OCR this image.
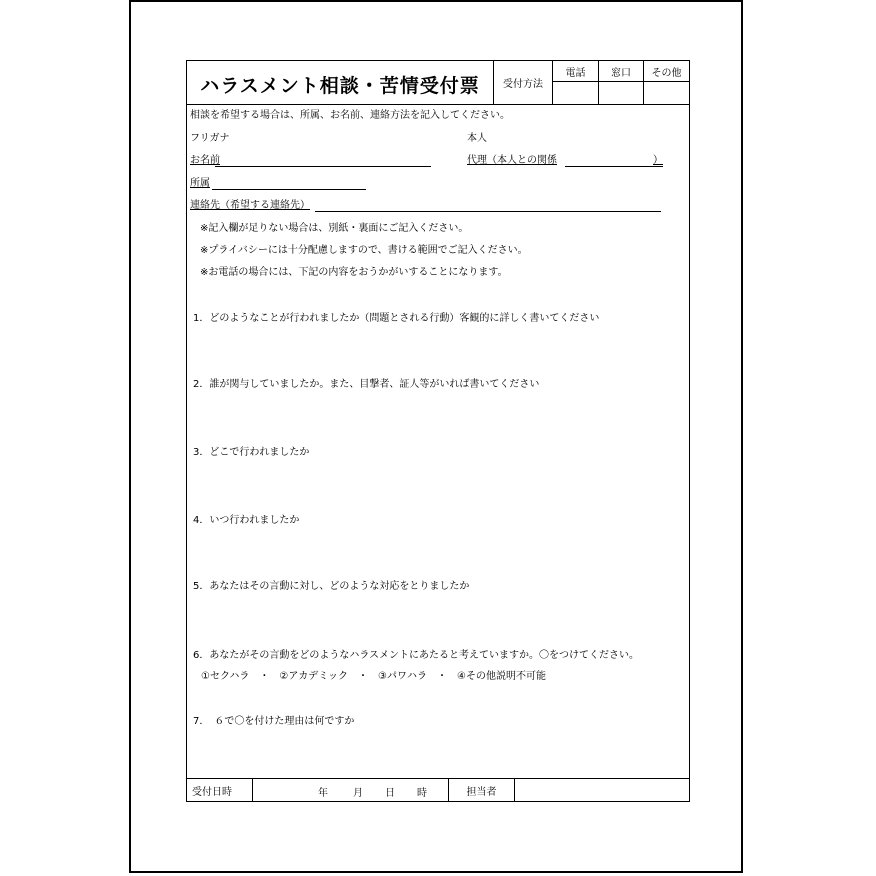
ハラスメント相談・苦情受付票	受付方法
電話	窓口	その他
相談を希望する場合は、所属、お名前、連絡方法を記入してください。
フリガナ	本人
お名前	代理（本人との関係	）
所属
連絡先（希望する連絡先）
※記入欄が足りない場合は、別紙・裏面にご記入ください。
※プライバシーには十分配慮しますので、書ける範囲でご記入ください。
※お電話の場合には、下記の内容をおうかがいすることになります。
1．どのようなことが行われましたか（問題とされる行動）客観的に詳しく書いてください
2．誰が関与していましたか。また、目撃者、証人等がいれば書いてください
3．どこで行われましたか
4．いつ行われましたか
5．あなたはその言動に対し、どのような対応をとりましたか
6．あなたがその言動をどのようなハラスメントにあたると考えていますか。〇をつけてください。
①セクハラ　・　②アカデミック　・　③パワハラ　・　④その他説明不可能
7．　６で〇を付けた理由は何ですか
受付日時	年	月 日 時	担当者
